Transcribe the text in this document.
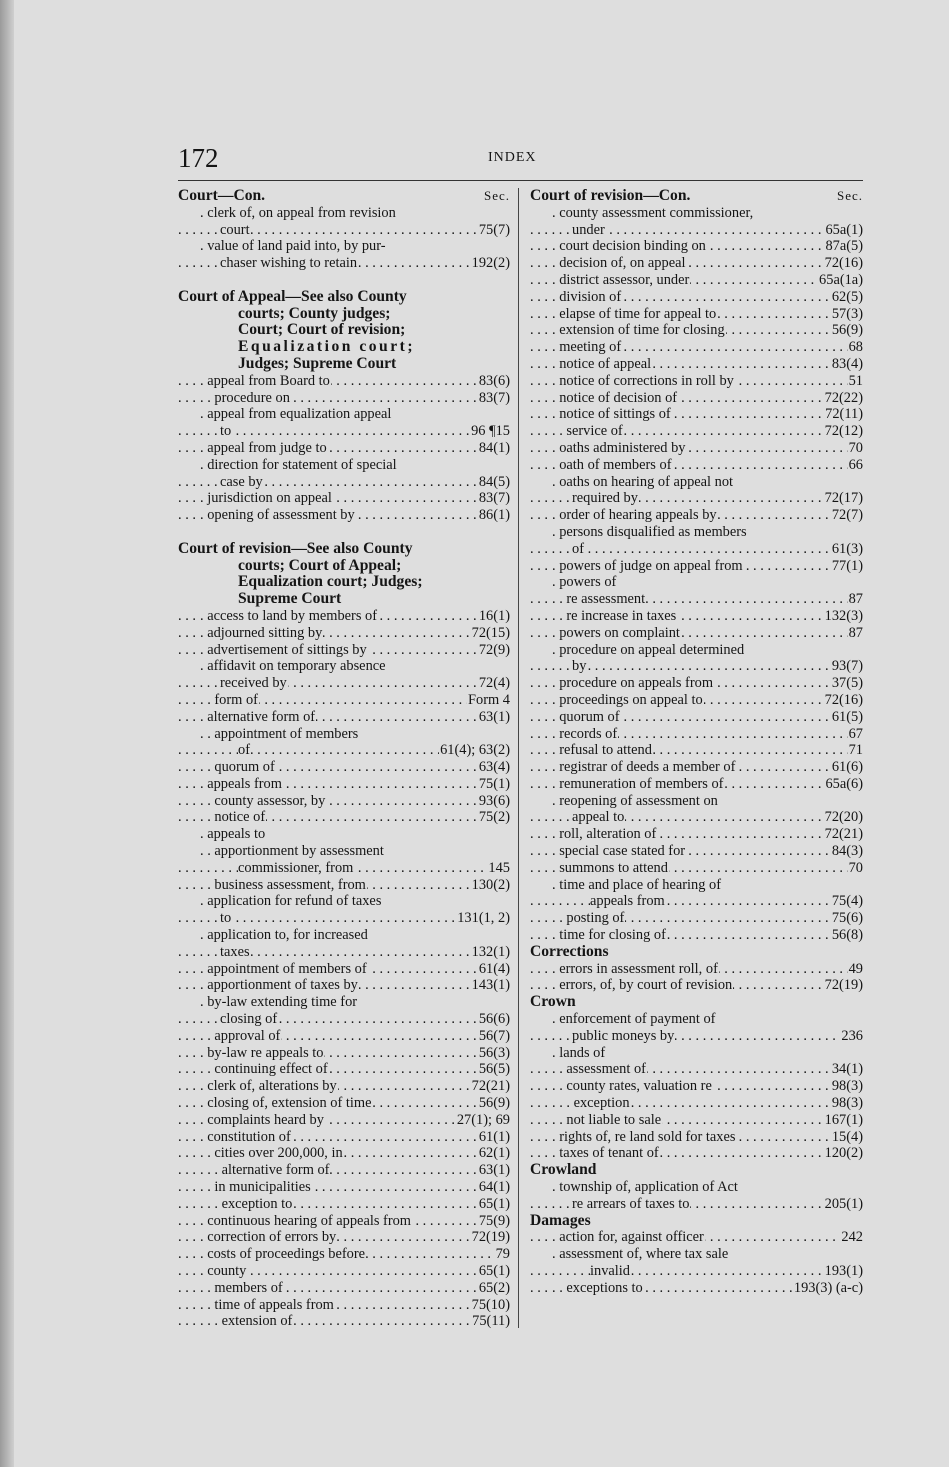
172	INDEX
Court—Con.	Sec.
. clerk of, on appeal from revision
court	75(7)
. . .
. value of land paid into, by pur-
chaser wishing to retain	192(2)
. . .
Court of Appeal—See also County
courts; County judges;
Court; Court of revision;
Equalization court;
Judges; Supreme Court
. appeal from Board to	83(6)
. . .
. . procedure on	83(7)
. . .
. appeal from equalization appeal
to	96 ¶15
. . .
. appeal from judge to	84(1)
. . .
. direction for statement of special
case by	84(5)
. . .
. jurisdiction on appeal	83(7)
. . .
. opening of assessment by	86(1)
. . .
Court of revision—See also County
courts; Court of Appeal;
Equalization court; Judges;
Supreme Court
. access to land by members of	16(1)
. . .
. adjourned sitting by	72(15)
. . .
. advertisement of sittings by	72(9)
. . .
. affidavit on temporary absence
received by	72(4)
. . .
. . form of	Form 4
. . .
. alternative form of	63(1)
. . .
. . appointment of members
of	61(4); 63(2)
. . .
. . quorum of	63(4)
. . .
. appeals from	75(1)
. . .
. . county assessor, by	93(6)
. . .
. . notice of	75(2)
. . .
. appeals to
. . apportionment by assessment
commissioner, from	145
. . .
. . business assessment, from	130(2)
. . .
. application for refund of taxes
to	131(1, 2)
. . .
. application to, for increased
taxes	132(1)
. . .
. appointment of members of	61(4)
. . .
. apportionment of taxes by	143(1)
. . .
. by-law extending time for
closing of	56(6)
. . .
. . approval of	56(7)
. . .
. by-law re appeals to	56(3)
. . .
. . continuing effect of	56(5)
. . .
. clerk of, alterations by	72(21)
. . .
. closing of, extension of time	56(9)
. . .
. complaints heard by	27(1); 69
. . .
. constitution of	61(1)
. . .
. . cities over 200,000, in	62(1)
. . .
. . . alternative form of	63(1)
. . .
. . in municipalities	64(1)
. . .
. . . exception to	65(1)
. . .
. continuous hearing of appeals from	75(9)
. . .
. correction of errors by	72(19)
. . .
. costs of proceedings before	79
. . .
. county	65(1)
. . .
. . members of	65(2)
. . .
. . time of appeals from	75(10)
. . .
. . . extension of	75(11)
. . .
Court of revision—Con.	Sec.
. county assessment commissioner,
under	65a(1)
. . .
. court decision binding on	87a(5)
. . .
. decision of, on appeal	72(16)
. . .
. district assessor, under	65a(1a)
. . .
. division of	62(5)
. . .
. elapse of time for appeal to	57(3)
. . .
. extension of time for closing	56(9)
. . .
. meeting of	68
. . .
. notice of appeal	83(4)
. . .
. notice of corrections in roll by	51
. . .
. notice of decision of	72(22)
. . .
. notice of sittings of	72(11)
. . .
. . service of	72(12)
. . .
. oaths administered by	70
. . .
. oath of members of	66
. . .
. oaths on hearing of appeal not
required by	72(17)
. . .
. order of hearing appeals by	72(7)
. . .
. persons disqualified as members
of	61(3)
. . .
. powers of judge on appeal from	77(1)
. . .
. powers of
. . re assessment	87
. . .
. . re increase in taxes	132(3)
. . .
. powers on complaint	87
. . .
. procedure on appeal determined
by	93(7)
. . .
. procedure on appeals from	37(5)
. . .
. proceedings on appeal to	72(16)
. . .
. quorum of	61(5)
. . .
. records of	67
. . .
. refusal to attend	71
. . .
. registrar of deeds a member of	61(6)
. . .
. remuneration of members of	65a(6)
. . .
. reopening of assessment on
appeal to	72(20)
. . .
. roll, alteration of	72(21)
. . .
. special case stated for	84(3)
. . .
. summons to attend	70
. . .
. time and place of hearing of
appeals from	75(4)
. . .
. . posting of	75(6)
. . .
. time for closing of	56(8)
. . .
Corrections
. errors in assessment roll, of	49
. . .
. errors, of, by court of revision	72(19)
. . .
Crown
. enforcement of payment of
public moneys by	236
. . .
. lands of
. . assessment of	34(1)
. . .
. . county rates, valuation re	98(3)
. . .
. . . exception	98(3)
. . .
. . not liable to sale	167(1)
. . .
. rights of, re land sold for taxes	15(4)
. . .
. taxes of tenant of	120(2)
. . .
Crowland
. township of, application of Act
re arrears of taxes to	205(1)
. . .
Damages
. action for, against officer	242
. . .
. assessment of, where tax sale
invalid	193(1)
. . .
. . exceptions to	193(3) (a-c)
. . .
